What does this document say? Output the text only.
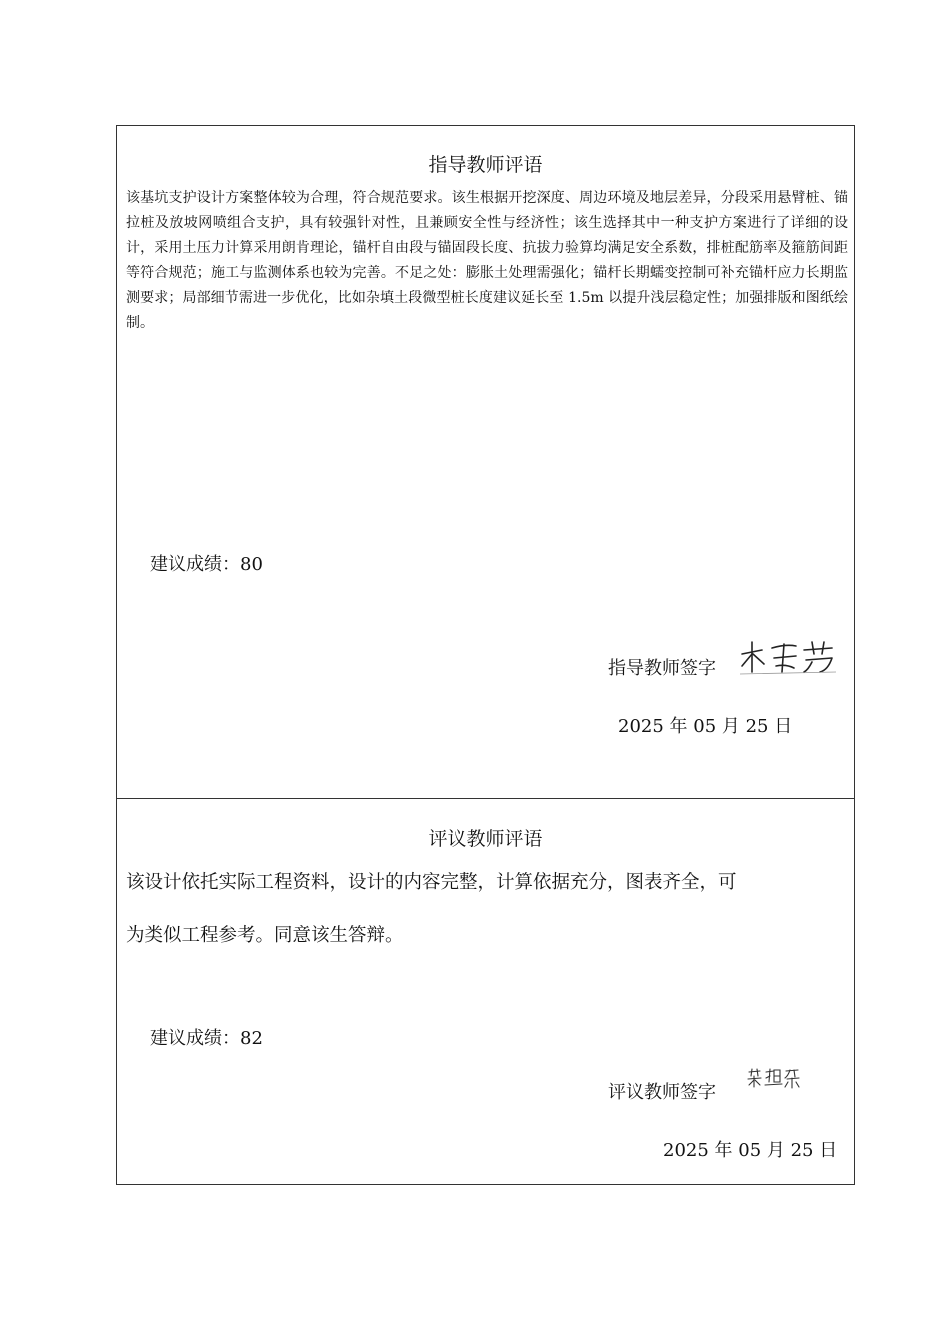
指导教师评语
该基坑支护设计方案整体较为合理，符合规范要求。该生根据开挖深度、周边环境及地层差异，分段采用悬臂桩、锚拉桩及放坡网喷组合支护，具有较强针对性，且兼顾安全性与经济性；该生选择其中一种支护方案进行了详细的设计，采用土压力计算采用朗肯理论，锚杆自由段与锚固段长度、抗拔力验算均满足安全系数，排桩配筋率及箍筋间距等符合规范；施工与监测体系也较为完善。不足之处：膨胀土处理需强化；锚杆长期蠕变控制可补充锚杆应力长期监测要求；局部细节需进一步优化，比如杂填土段微型桩长度建议延长至 1.5m 以提升浅层稳定性；加强排版和图纸绘制。
建议成绩：80
指导教师签字
2025 年 05 月 25 日
评议教师评语
该设计依托实际工程资料，设计的内容完整，计算依据充分，图表齐全，可
为类似工程参考。同意该生答辩。
建议成绩：82
评议教师签字
2025 年 05 月 25 日
